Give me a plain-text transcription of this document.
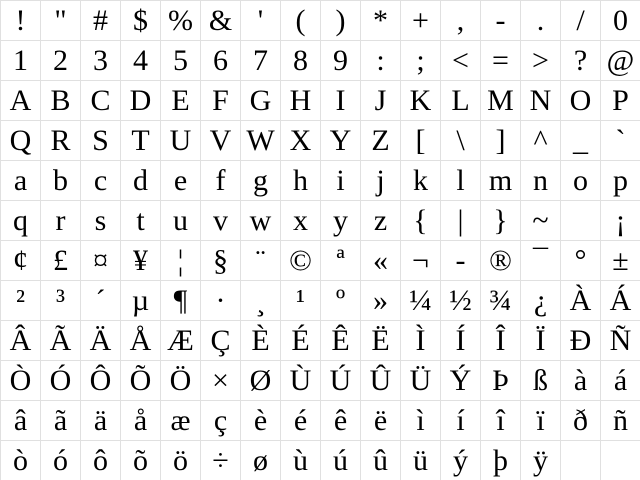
! " # $ % & '	(	) * + ,	-	.	/ 0
1 2 3 4 5 6 7 8 9 :	; < = > ? @
A B C D E F G H I J K L M N O P
Q R S T U V W X Y Z [	\	] ^ _ `
a b c d e f g h i	j k l m n o p
q r s t u v w x y z { | } ~	¡
¢ £ ¤ ¥ ¦ § ¨ © ª « ¬ - ® ¯ ° ±
²	³	´ µ ¶ ·	¸	¹	º » ¼ ½ ¾ ¿ À Á
Â Ã Ä Å Æ Ç È É Ê Ë Ì	Í	Î	Ï Ð Ñ
Ò Ó Ô Õ Ö × Ø Ù Ú Û Ü Ý Þ ß à á
â ã ä å æ ç è é ê ë ì	í	î	ï ð ñ
ò ó ô õ ö ÷ ø ù ú û ü ý þ ÿ
